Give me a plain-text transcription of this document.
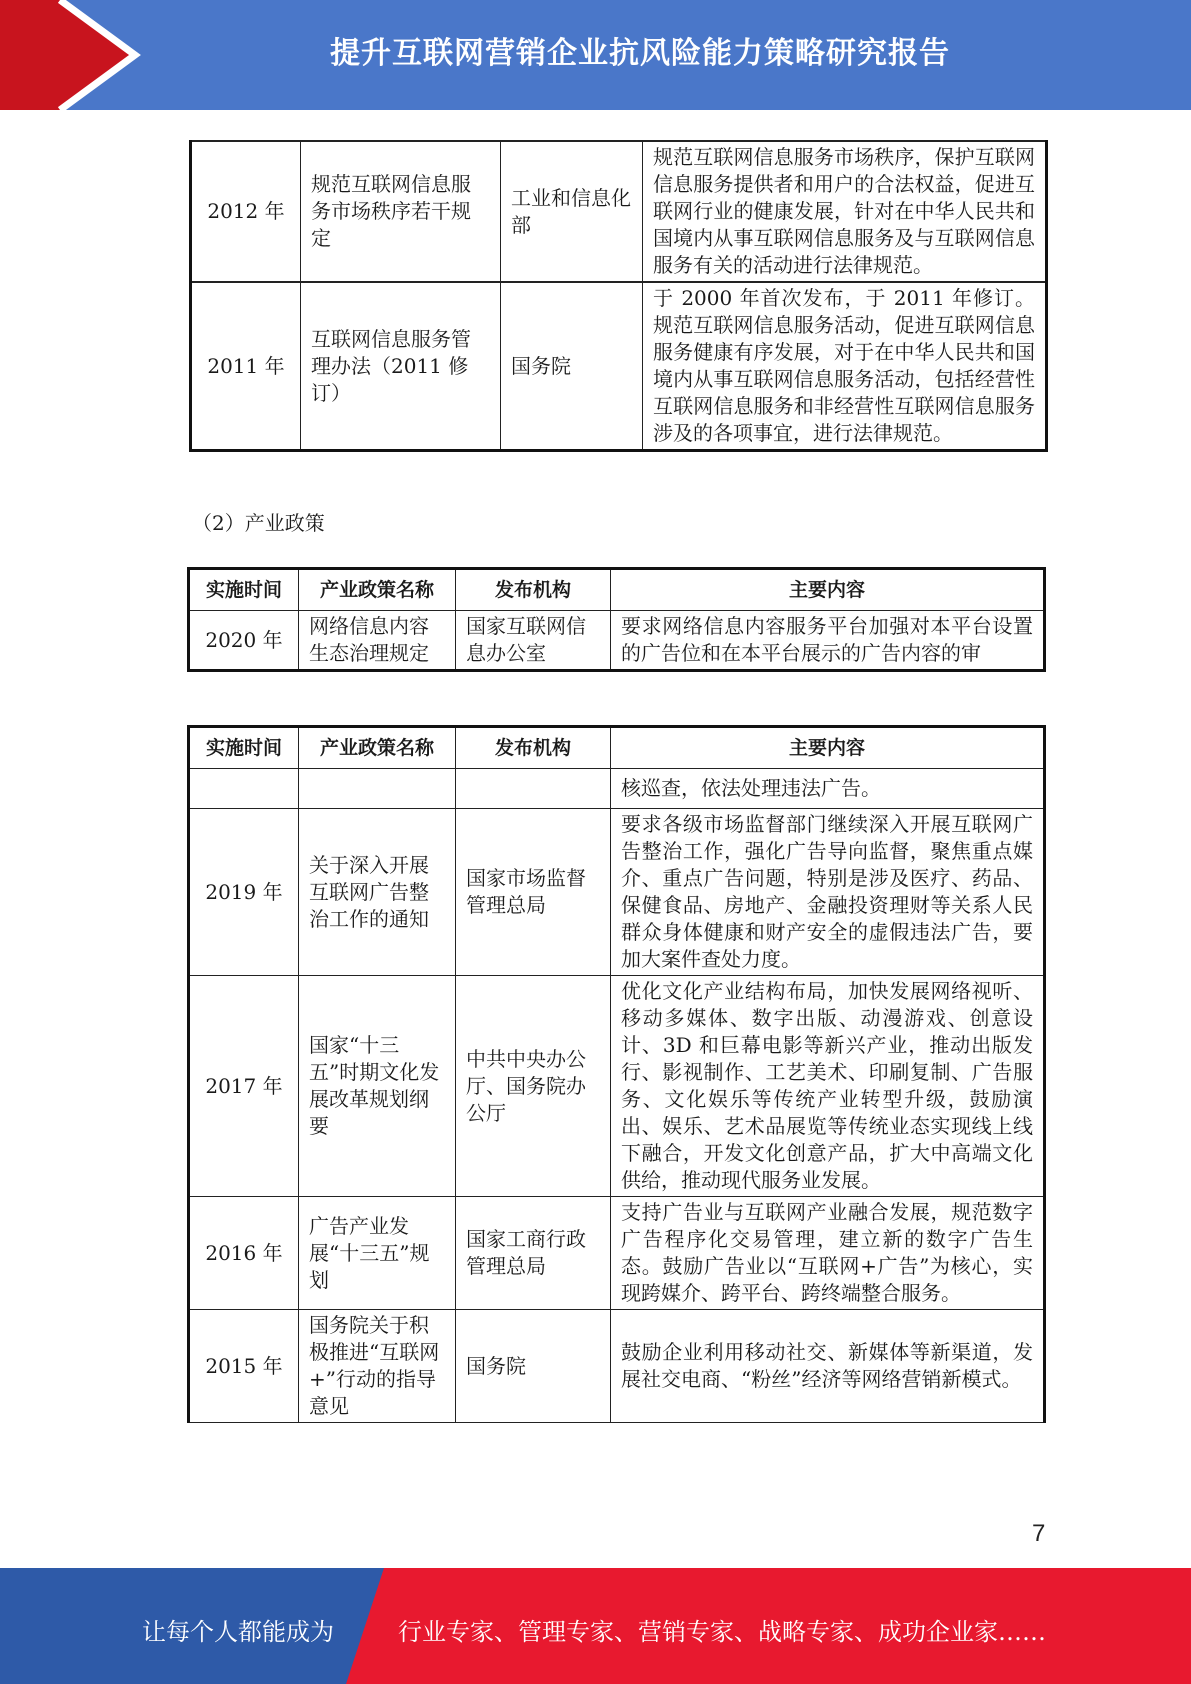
提升互联网营销企业抗风险能力策略研究报告
2012 年	规范互联网信息服务市场秩序若干规定	工业和信息化部	规范互联网信息服务市场秩序，保护互联网信息服务提供者和用户的合法权益，促进互联网行业的健康发展，针对在中华人民共和国境内从事互联网信息服务及与互联网信息服务有关的活动进行法律规范。
2011 年	互联网信息服务管理办法（2011 修订）	国务院	于 2000 年首次发布，于 2011 年修订。规范互联网信息服务活动，促进互联网信息服务健康有序发展，对于在中华人民共和国境内从事互联网信息服务活动，包括经营性互联网信息服务和非经营性互联网信息服务涉及的各项事宜，进行法律规范。
（2）产业政策
实施时间	产业政策名称	发布机构	主要内容
2020 年	网络信息内容生态治理规定	国家互联网信息办公室	要求网络信息内容服务平台加强对本平台设置的广告位和在本平台展示的广告内容的审
实施时间	产业政策名称	发布机构	主要内容
			核巡查，依法处理违法广告。
2019 年	关于深入开展互联网广告整治工作的通知	国家市场监督管理总局	要求各级市场监督部门继续深入开展互联网广告整治工作，强化广告导向监督，聚焦重点媒介、重点广告问题，特别是涉及医疗、药品、保健食品、房地产、金融投资理财等关系人民群众身体健康和财产安全的虚假违法广告，要加大案件查处力度。
2017 年	国家“十三五”时期文化发展改革规划纲要	中共中央办公厅、国务院办公厅	优化文化产业结构布局，加快发展网络视听、移动多媒体、数字出版、动漫游戏、创意设计、3D 和巨幕电影等新兴产业，推动出版发行、影视制作、工艺美术、印刷复制、广告服务、文化娱乐等传统产业转型升级，鼓励演出、娱乐、艺术品展览等传统业态实现线上线下融合，开发文化创意产品，扩大中高端文化供给，推动现代服务业发展。
2016 年	广告产业发展“十三五”规划	国家工商行政管理总局	支持广告业与互联网产业融合发展，规范数字广告程序化交易管理，建立新的数字广告生态。鼓励广告业以“互联网+广告”为核心，实现跨媒介、跨平台、跨终端整合服务。
2015 年	国务院关于积极推进“互联网+”行动的指导意见	国务院	鼓励企业利用移动社交、新媒体等新渠道，发展社交电商、“粉丝”经济等网络营销新模式。
7
让每个人都能成为	行业专家、管理专家、营销专家、战略专家、成功企业家……
